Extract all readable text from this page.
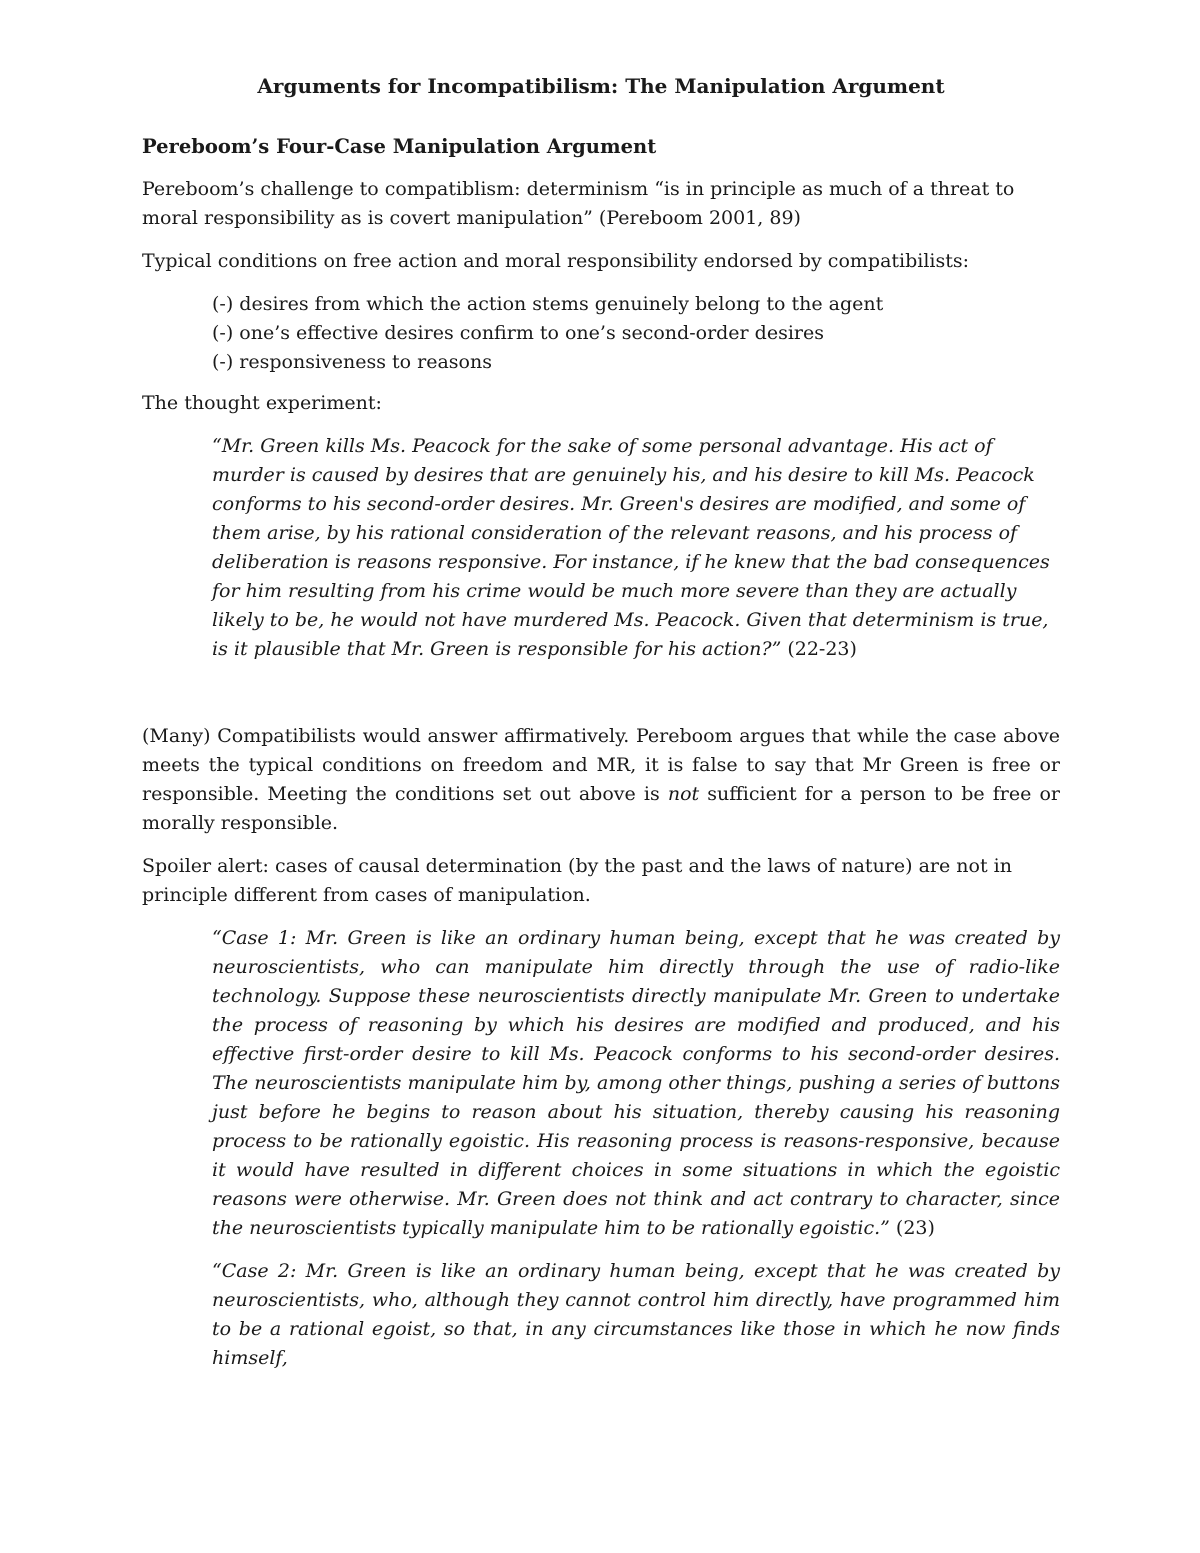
Arguments for Incompatibilism: The Manipulation Argument
Pereboom’s Four-Case Manipulation Argument

Pereboom’s challenge to compatiblism: determinism “is in principle as much of a threat to moral responsibility as is covert manipulation” (Pereboom 2001, 89)

Typical conditions on free action and moral responsibility endorsed by compatibilists:

(-) desires from which the action stems genuinely belong to the agent
(-) one’s effective desires confirm to one’s second-order desires
(-) responsiveness to reasons

The thought experiment:

“Mr. Green kills Ms. Peacock for the sake of some personal advantage. His act of murder is caused by desires that are genuinely his, and his desire to kill Ms. Peacock conforms to his second-order desires. Mr. Green's desires are modified, and some of them arise, by his rational consideration of the relevant reasons, and his process of deliberation is reasons responsive. For instance, if he knew that the bad consequences for him resulting from his crime would be much more severe than they are actually likely to be, he would not have murdered Ms. Peacock. Given that determinism is true, is it plausible that Mr. Green is responsible for his action?” (22-23)

(Many) Compatibilists would answer affirmatively. Pereboom argues that while the case above meets the typical conditions on freedom and MR, it is false to say that Mr Green is free or responsible. Meeting the conditions set out above is not sufficient for a person to be free or morally responsible.

Spoiler alert: cases of causal determination (by the past and the laws of nature) are not in principle different from cases of manipulation.

“Case 1: Mr. Green is like an ordinary human being, except that he was created by neuroscientists, who can manipulate him directly through the use of radio-like technology. Suppose these neuroscientists directly manipulate Mr. Green to undertake the process of reasoning by which his desires are modified and produced, and his effective first-order desire to kill Ms. Peacock conforms to his second-order desires. The neuroscientists manipulate him by, among other things, pushing a series of buttons just before he begins to reason about his situation, thereby causing his reasoning process to be rationally egoistic. His reasoning process is reasons-responsive, because it would have resulted in different choices in some situations in which the egoistic reasons were otherwise. Mr. Green does not think and act contrary to character, since the neuroscientists typically manipulate him to be rationally egoistic.” (23)
“Case 2: Mr. Green is like an ordinary human being, except that he was created by neuroscientists, who, although they cannot control him directly, have programmed him to be a rational egoist, so that, in any circumstances like those in which he now finds himself,
